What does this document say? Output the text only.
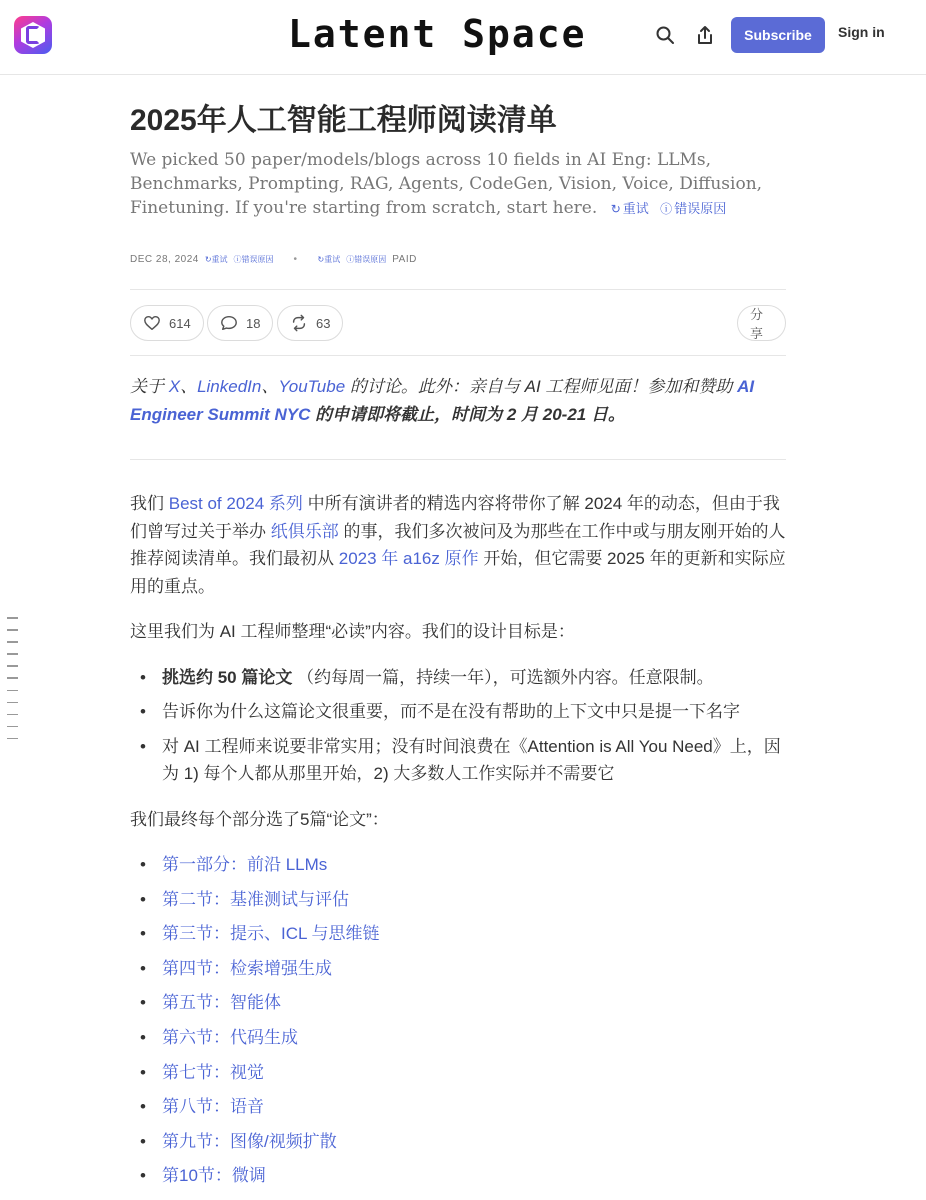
Latent Space	Subscribe	Sign in
2025年人工智能工程师阅读清单
We picked 50 paper/models/blogs across 10 fields in AI Eng: LLMs, Benchmarks, Prompting, RAG, Agents, CodeGen, Vision, Voice, Diffusion, Finetuning. If you're starting from scratch, start here. ↻ 重试 ⓘ 错误原因
DEC 28, 2024 ↻重试 ⓘ错误原因 •	↻重试 ⓘ错误原因 PAID
614	18	63
分享
关于 X、LinkedIn、YouTube 的讨论。此外：亲自与 AI 工程师见面！参加和赞助 AI Engineer Summit NYC 的申请即将截止，时间为 2 月 20-21 日。

我们 Best of 2024 系列 中所有演讲者的精选内容将带你了解 2024 年的动态，但由于我们曾写过关于举办 纸俱乐部 的事，我们多次被问及为那些在工作中或与朋友刚开始的人推荐阅读清单。我们最初从 2023 年 a16z 原作 开始，但它需要 2025 年的更新和实际应用的重点。

这里我们为 AI 工程师整理“必读”内容。我们的设计目标是：

• 挑选约 50 篇论文 （约每周一篇，持续一年），可选额外内容。任意限制。
• 告诉你为什么这篇论文很重要，而不是在没有帮助的上下文中只是提一下名字
• 对 AI 工程师来说要非常实用；没有时间浪费在《Attention is All You Need》上，因为 1) 每个人都从那里开始，2) 大多数人工作实际并不需要它

我们最终每个部分选了5篇“论文”：

• 第一部分：前沿 LLMs
• 第二节：基准测试与评估
• 第三节：提示、ICL 与思维链
• 第四节：检索增强生成
• 第五节：智能体
• 第六节：代码生成
• 第七节：视觉
• 第八节：语音
• 第九节：图像/视频扩散
• 第10节：微调
